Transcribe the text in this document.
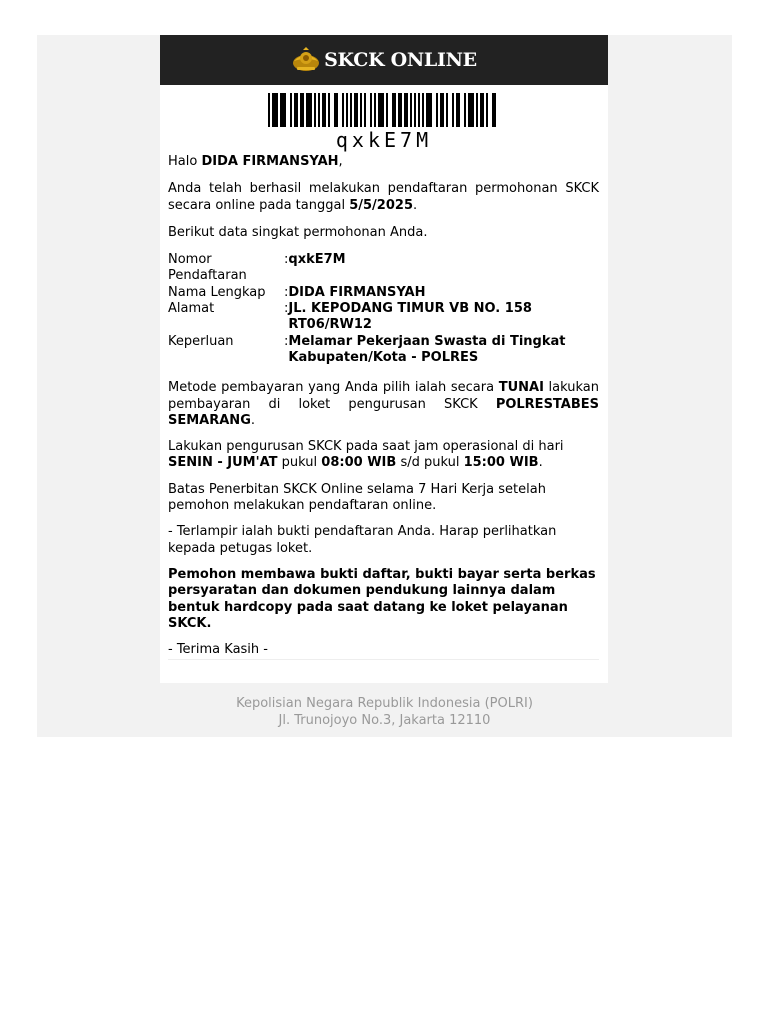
SKCK ONLINE
qxkE7M

Halo DIDA FIRMANSYAH,

Anda telah berhasil melakukan pendaftaran permohonan SKCK secara online pada tanggal 5/5/2025.

Berikut data singkat permohonan Anda.

Nomor Pendaftaran	:	qxkE7M
Nama Lengkap	:	DIDA FIRMANSYAH
Alamat	:	JL. KEPODANG TIMUR VB NO. 158 RT06/RW12
Keperluan	:	Melamar Pekerjaan Swasta di Tingkat Kabupaten/Kota - POLRES

Metode pembayaran yang Anda pilih ialah secara TUNAI lakukan pembayaran di loket pengurusan SKCK POLRESTABES SEMARANG.

Lakukan pengurusan SKCK pada saat jam operasional di hari SENIN - JUM'AT pukul 08:00 WIB s/d pukul 15:00 WIB.

Batas Penerbitan SKCK Online selama 7 Hari Kerja setelah pemohon melakukan pendaftaran online.

- Terlampir ialah bukti pendaftaran Anda. Harap perlihatkan kepada petugas loket.

Pemohon membawa bukti daftar, bukti bayar serta berkas persyaratan dan dokumen pendukung lainnya dalam bentuk hardcopy pada saat datang ke loket pelayanan SKCK.

- Terima Kasih -

Kepolisian Negara Republik Indonesia (POLRI)
Jl. Trunojoyo No.3, Jakarta 12110
